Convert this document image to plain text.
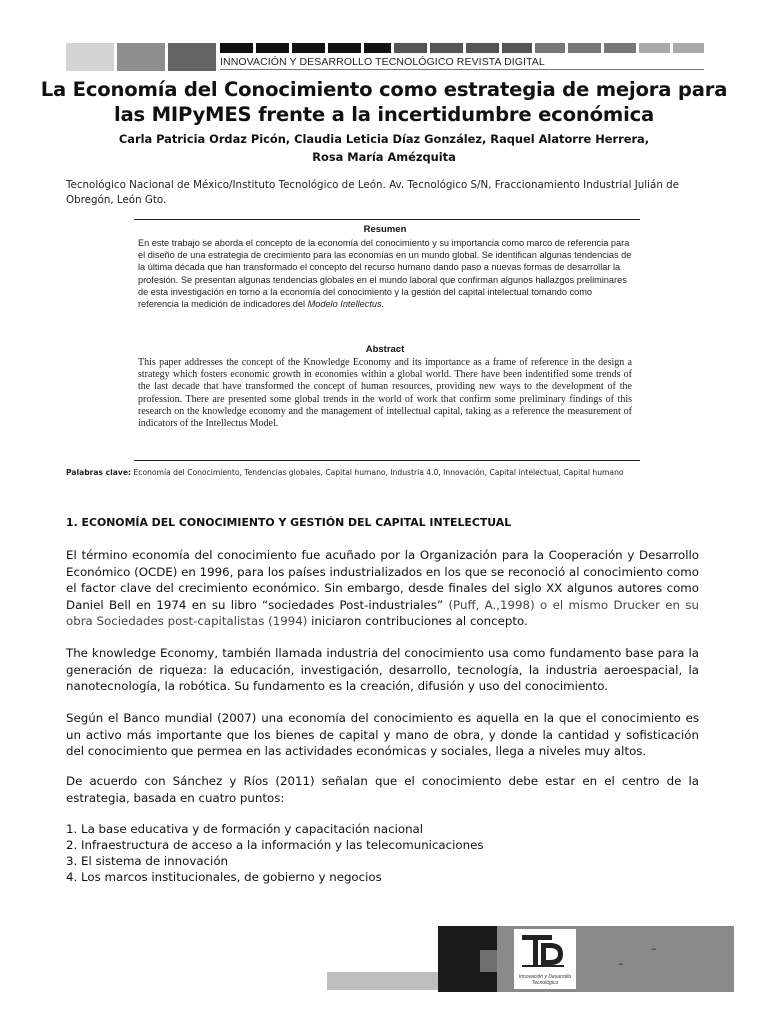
INNOVACIÓN Y DESARROLLO TECNOLÓGICO REVISTA DIGITAL
La Economía del Conocimiento como estrategia de mejora para las MIPyMES frente a la incertidumbre económica
Carla Patricia Ordaz Picón, Claudia Leticia Díaz González, Raquel Alatorre Herrera,
Rosa María Amézquita

Tecnológico Nacional de México/Instituto Tecnológico de León. Av. Tecnológico S/N, Fraccionamiento Industrial Julián de Obregón, León Gto.

Resumen

En este trabajo se aborda el concepto de la economía del conocimiento y su importancia como marco de referencia para el diseño de una estrategia de crecimiento para las economías en un mundo global. Se identifican algunas tendencias de la última década que han transformado el concepto del recurso humano dando paso a nuevas formas de desarrollar la profesión. Se presentan algunas tendencias globales en el mundo laboral que confirman algunos hallazgos preliminares de esta investigación en torno a la economía del conocimiento y la gestión del capital intelectual tomando como referencia la medición de indicadores del Modelo Intellectus.

Abstract

This paper addresses the concept of the Knowledge Economy and its importance as a frame of reference in the design a strategy which fosters economic growth in economies within a global world. There have been indentified some trends of the last decade that have transformed the concept of human resources, providing new ways to the development of the profession. There are presented some global trends in the world of work that confirm some preliminary findings of this research on the knowledge economy and the management of intellectual capital, taking as a reference the measurement of indicators of the Intellectus Model.

Palabras clave: Economía del Conocimiento, Tendencias globales, Capital humano, Industria 4.0, Innovación, Capital intelectual, Capital humano

1. ECONOMÍA DEL CONOCIMIENTO Y GESTIÓN DEL CAPITAL INTELECTUAL

El término economía del conocimiento fue acuñado por la Organización para la Cooperación y Desarrollo Económico (OCDE) en 1996, para los países industrializados en los que se reconoció al conocimiento como el factor clave del crecimiento económico. Sin embargo, desde finales del siglo XX algunos autores como Daniel Bell en 1974 en su libro “sociedades Post-industriales” (Puff, A.,1998) o el mismo Drucker en su obra Sociedades post-capitalistas (1994) iniciaron contribuciones al concepto.

The knowledge Economy, también llamada industria del conocimiento usa como fundamento base para la generación de riqueza: la educación, investigación, desarrollo, tecnología, la industria aeroespacial, la nanotecnología, la robótica. Su fundamento es la creación, difusión y uso del conocimiento.

Según el Banco mundial (2007) una economía del conocimiento es aquella en la que el conocimiento es un activo más importante que los bienes de capital y mano de obra, y donde la cantidad y sofisticación del conocimiento que permea en las actividades económicas y sociales, llega a niveles muy altos.

De acuerdo con Sánchez y Ríos (2011) señalan que el conocimiento debe estar en el centro de la estrategia, basada en cuatro puntos:

1. La base educativa y de formación y capacitación nacional
2. Infraestructura de acceso a la información y las telecomunicaciones
3. El sistema de innovación
4. Los marcos institucionales, de gobierno y negocios
Innovación y Desarrollo Tecnológico
–
–
